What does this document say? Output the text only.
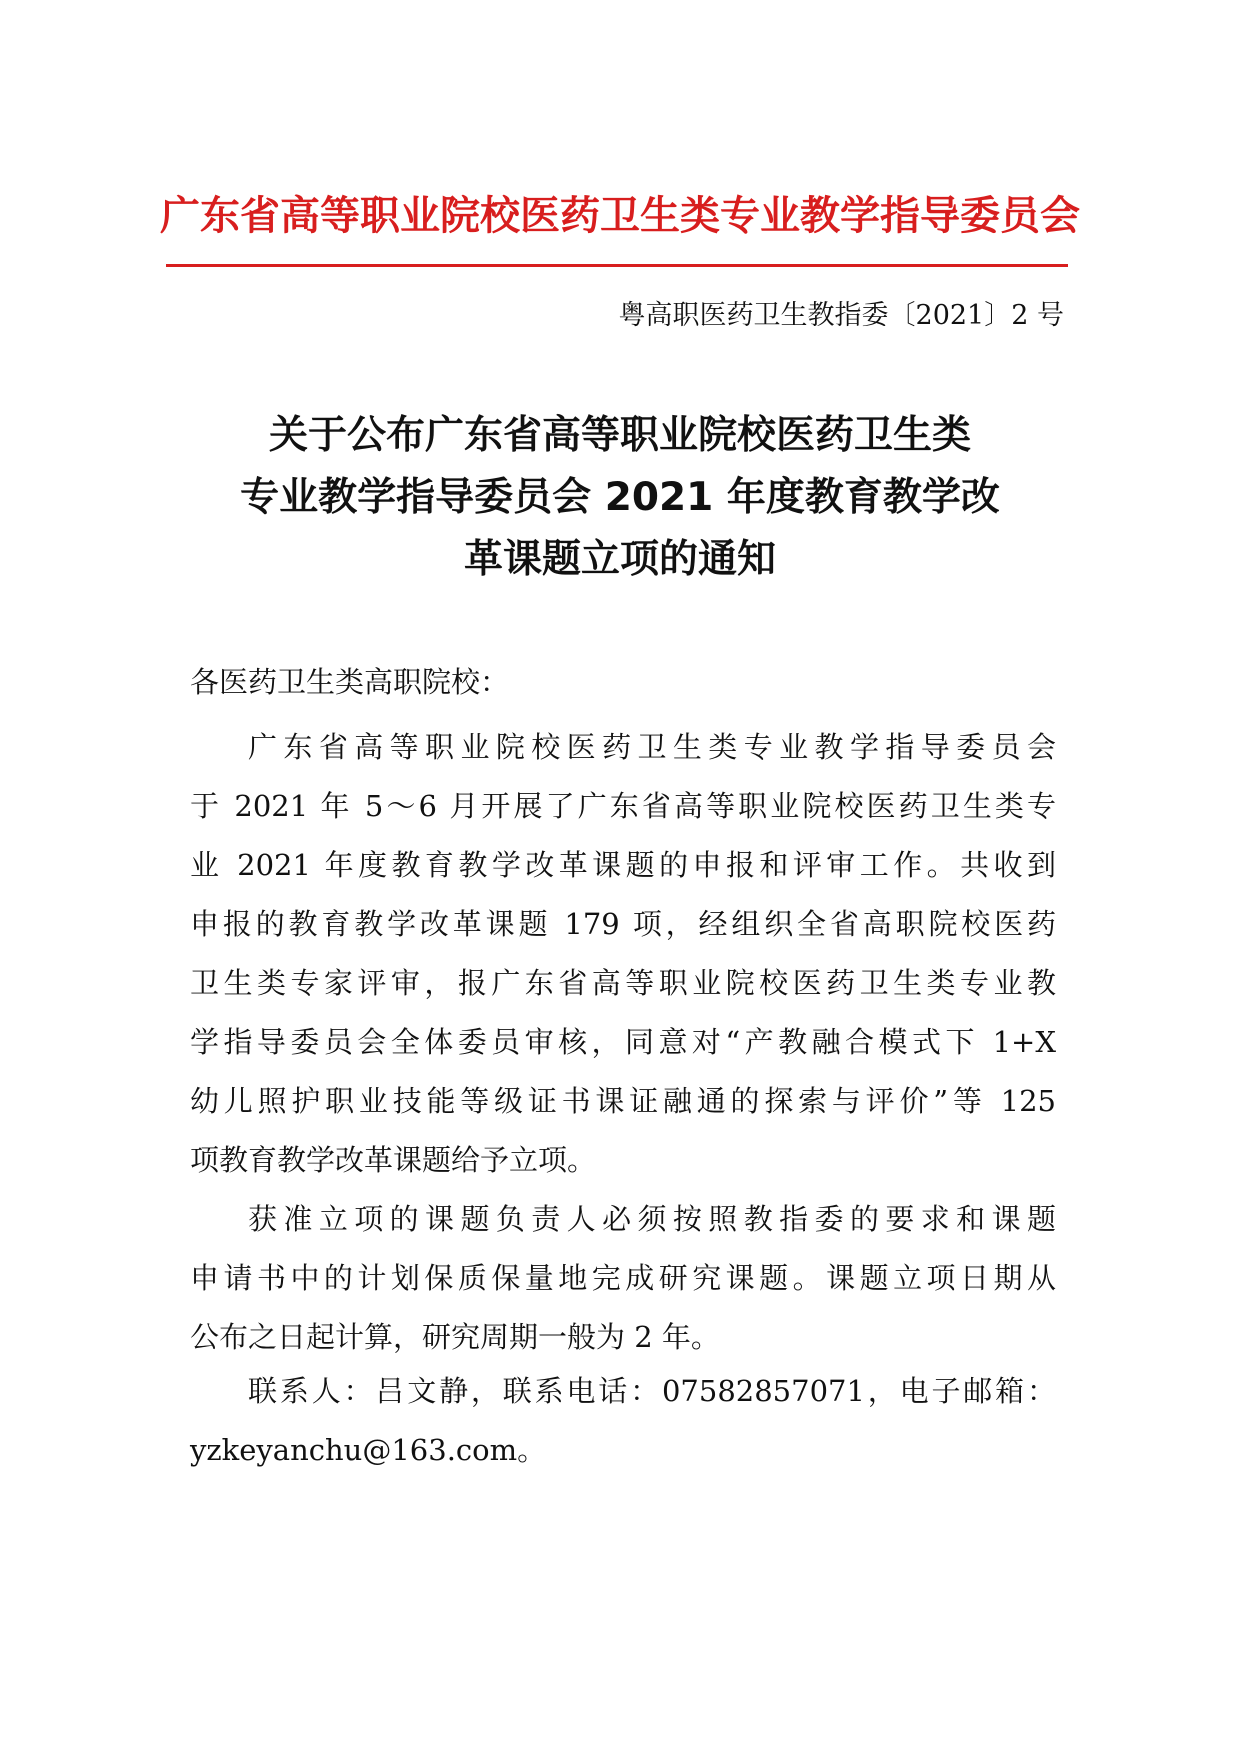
广东省高等职业院校医药卫生类专业教学指导委员会
粤高职医药卫生教指委〔2021〕2 号
关于公布广东省高等职业院校医药卫生类
专业教学指导委员会 2021 年度教育教学改
革课题立项的通知
各医药卫生类高职院校：
广东省高等职业院校医药卫生类专业教学指导委员会
于 2021 年 5～6 月开展了广东省高等职业院校医药卫生类专
业 2021 年度教育教学改革课题的申报和评审工作。共收到
申报的教育教学改革课题 179 项，经组织全省高职院校医药
卫生类专家评审，报广东省高等职业院校医药卫生类专业教
学指导委员会全体委员审核，同意对“产教融合模式下 1+X
幼儿照护职业技能等级证书课证融通的探索与评价”等 125
项教育教学改革课题给予立项。
获准立项的课题负责人必须按照教指委的要求和课题
申请书中的计划保质保量地完成研究课题。课题立项日期从
公布之日起计算，研究周期一般为 2 年。
联系人：吕文静，联系电话：07582857071，电子邮箱：
yzkeyanchu@163.com。
